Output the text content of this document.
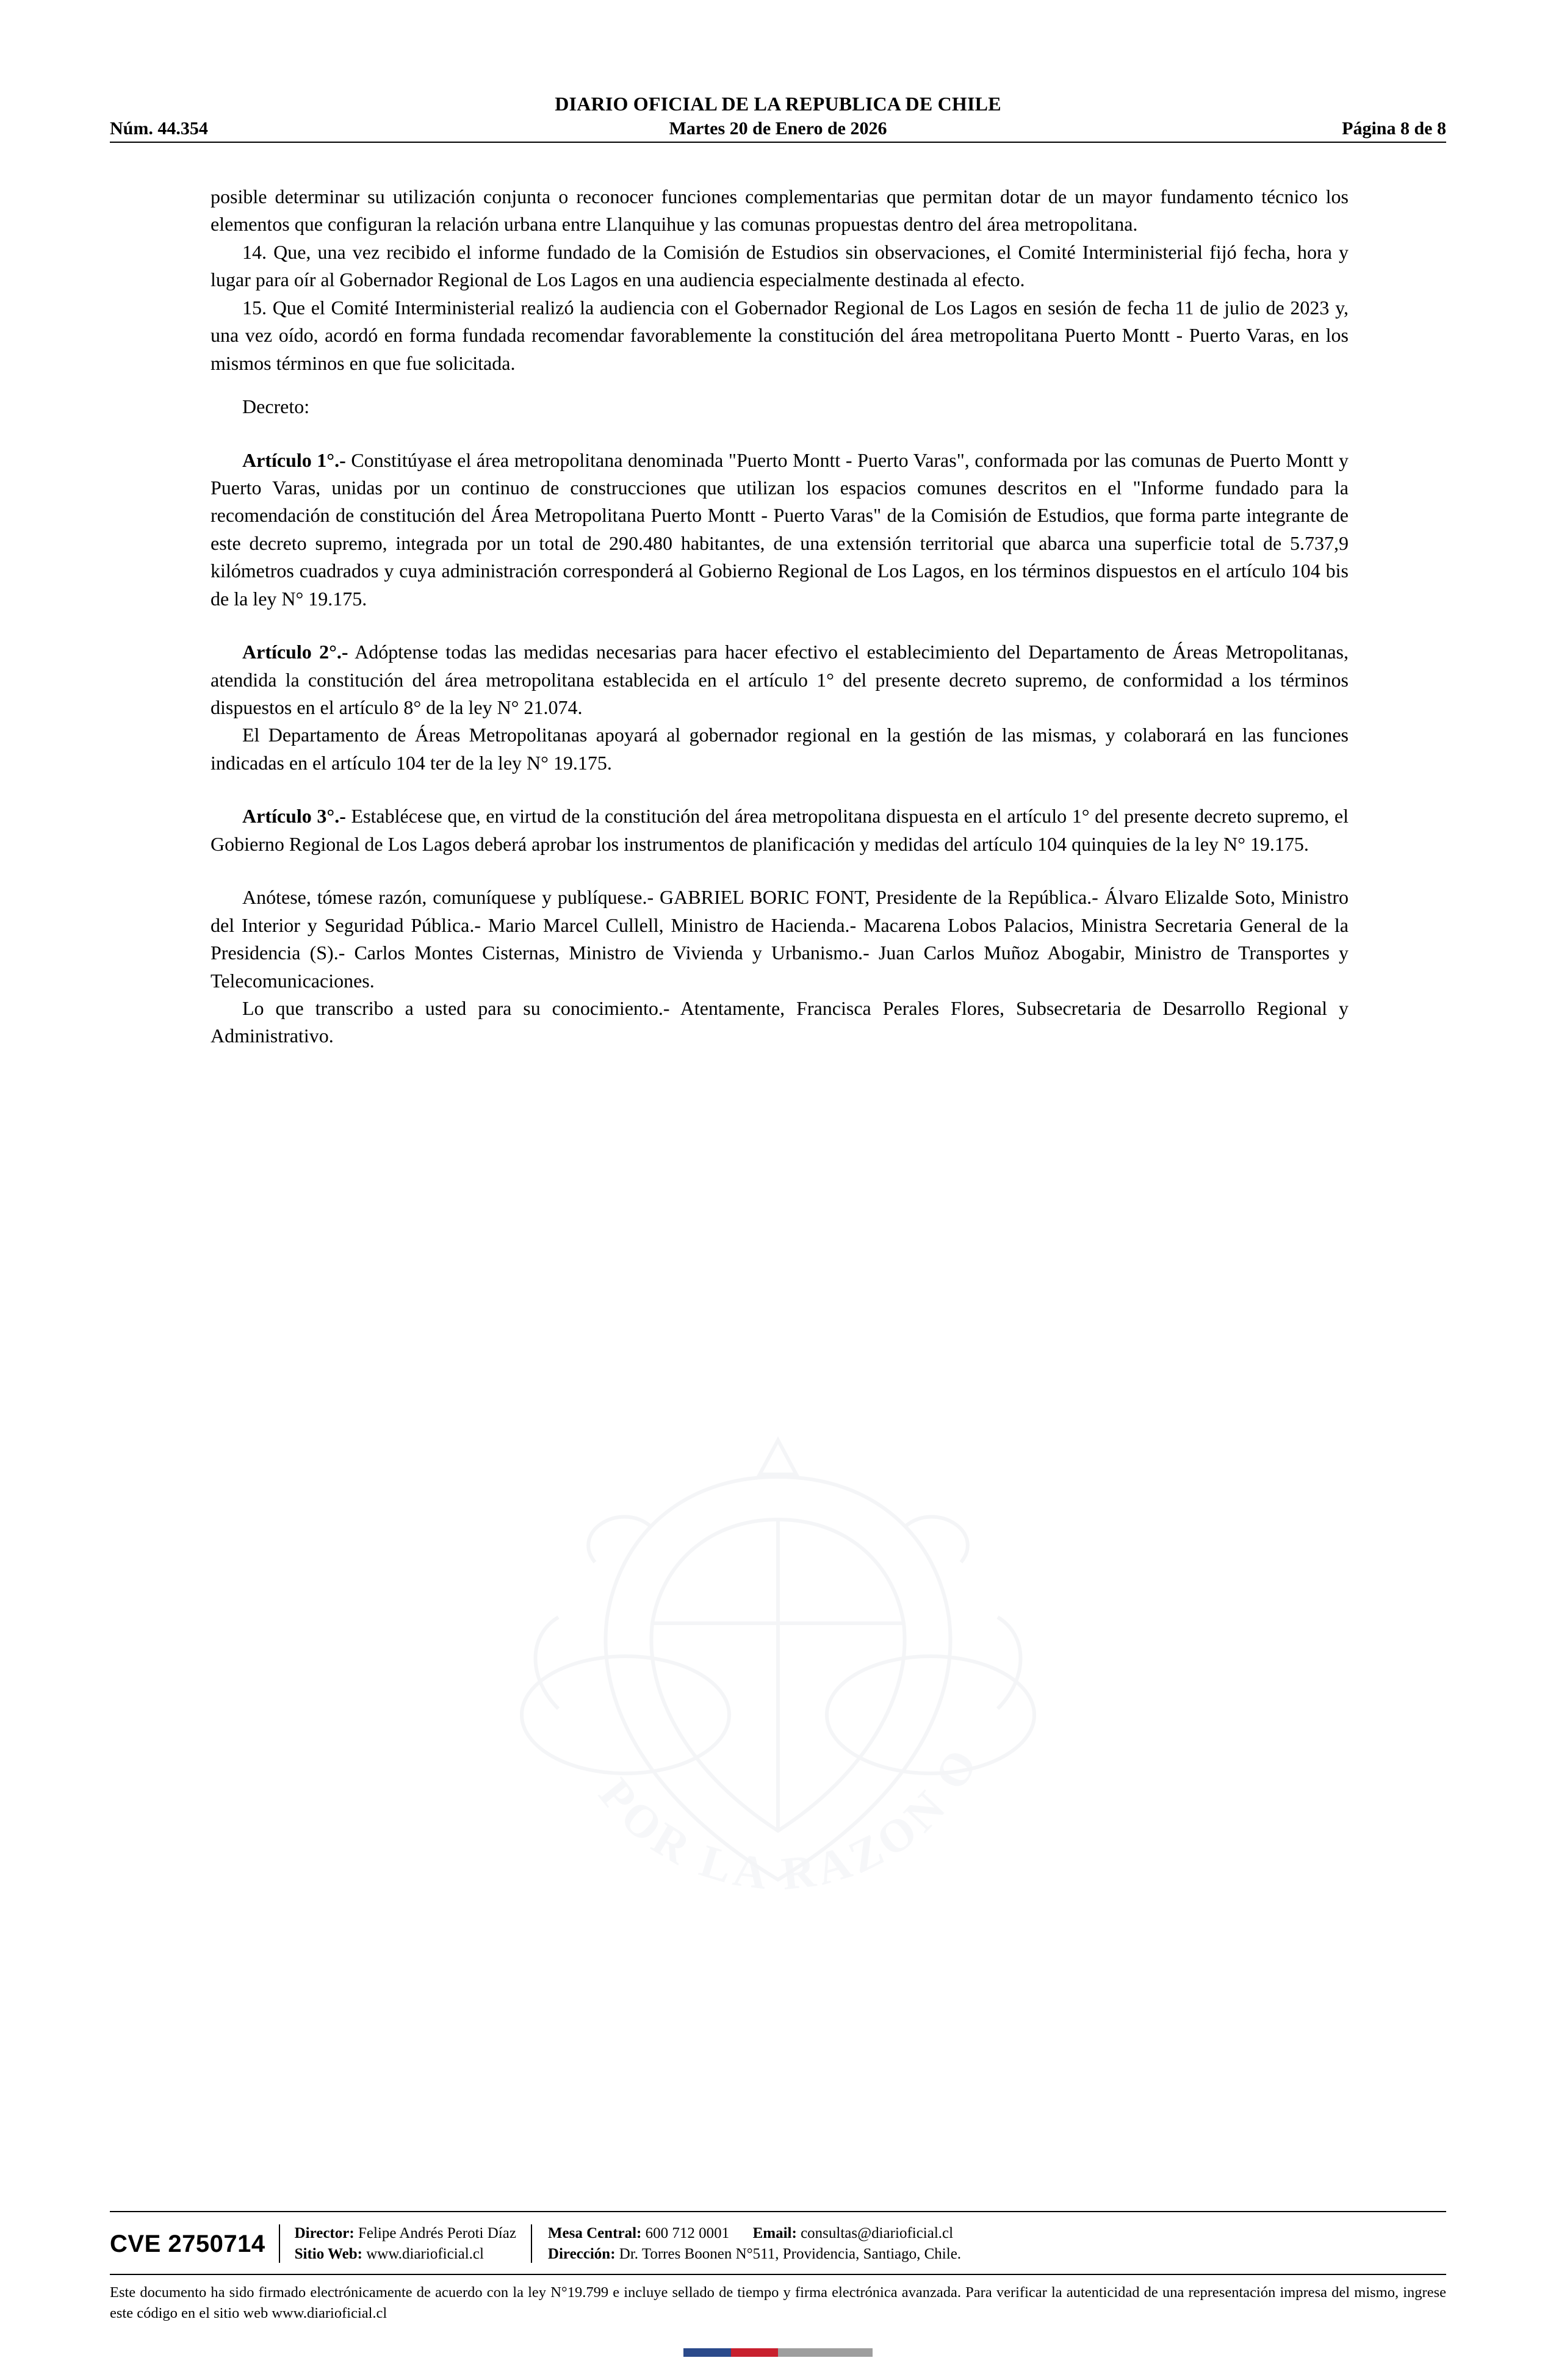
DIARIO OFICIAL DE LA REPUBLICA DE CHILE
Núm. 44.354	Martes 20 de Enero de 2026	Página 8 de 8

posible determinar su utilización conjunta o reconocer funciones complementarias que permitan dotar de un mayor fundamento técnico los elementos que configuran la relación urbana entre Llanquihue y las comunas propuestas dentro del área metropolitana.

14. Que, una vez recibido el informe fundado de la Comisión de Estudios sin observaciones, el Comité Interministerial fijó fecha, hora y lugar para oír al Gobernador Regional de Los Lagos en una audiencia especialmente destinada al efecto.

15. Que el Comité Interministerial realizó la audiencia con el Gobernador Regional de Los Lagos en sesión de fecha 11 de julio de 2023 y, una vez oído, acordó en forma fundada recomendar favorablemente la constitución del área metropolitana Puerto Montt - Puerto Varas, en los mismos términos en que fue solicitada.

Decreto:

Artículo 1°.- Constitúyase el área metropolitana denominada "Puerto Montt - Puerto Varas", conformada por las comunas de Puerto Montt y Puerto Varas, unidas por un continuo de construcciones que utilizan los espacios comunes descritos en el "Informe fundado para la recomendación de constitución del Área Metropolitana Puerto Montt - Puerto Varas" de la Comisión de Estudios, que forma parte integrante de este decreto supremo, integrada por un total de 290.480 habitantes, de una extensión territorial que abarca una superficie total de 5.737,9 kilómetros cuadrados y cuya administración corresponderá al Gobierno Regional de Los Lagos, en los términos dispuestos en el artículo 104 bis de la ley N° 19.175.

Artículo 2°.- Adóptense todas las medidas necesarias para hacer efectivo el establecimiento del Departamento de Áreas Metropolitanas, atendida la constitución del área metropolitana establecida en el artículo 1° del presente decreto supremo, de conformidad a los términos dispuestos en el artículo 8° de la ley N° 21.074.

El Departamento de Áreas Metropolitanas apoyará al gobernador regional en la gestión de las mismas, y colaborará en las funciones indicadas en el artículo 104 ter de la ley N° 19.175.

Artículo 3°.- Establécese que, en virtud de la constitución del área metropolitana dispuesta en el artículo 1° del presente decreto supremo, el Gobierno Regional de Los Lagos deberá aprobar los instrumentos de planificación y medidas del artículo 104 quinquies de la ley N° 19.175.

Anótese, tómese razón, comuníquese y publíquese.- GABRIEL BORIC FONT, Presidente de la República.- Álvaro Elizalde Soto, Ministro del Interior y Seguridad Pública.- Mario Marcel Cullell, Ministro de Hacienda.- Macarena Lobos Palacios, Ministra Secretaria General de la Presidencia (S).- Carlos Montes Cisternas, Ministro de Vivienda y Urbanismo.- Juan Carlos Muñoz Abogabir, Ministro de Transportes y Telecomunicaciones.

Lo que transcribo a usted para su conocimiento.- Atentamente, Francisca Perales Flores, Subsecretaria de Desarrollo Regional y Administrativo.

CVE 2750714	Director: Felipe Andrés Peroti Díaz
Sitio Web: www.diarioficial.cl
Mesa Central: 600 712 0001 Email: consultas@diarioficial.cl
Dirección: Dr. Torres Boonen N°511, Providencia, Santiago, Chile.
Este documento ha sido firmado electrónicamente de acuerdo con la ley N°19.799 e incluye sellado de tiempo y firma electrónica avanzada. Para verificar la autenticidad de una representación impresa del mismo, ingrese este código en el sitio web www.diarioficial.cl
